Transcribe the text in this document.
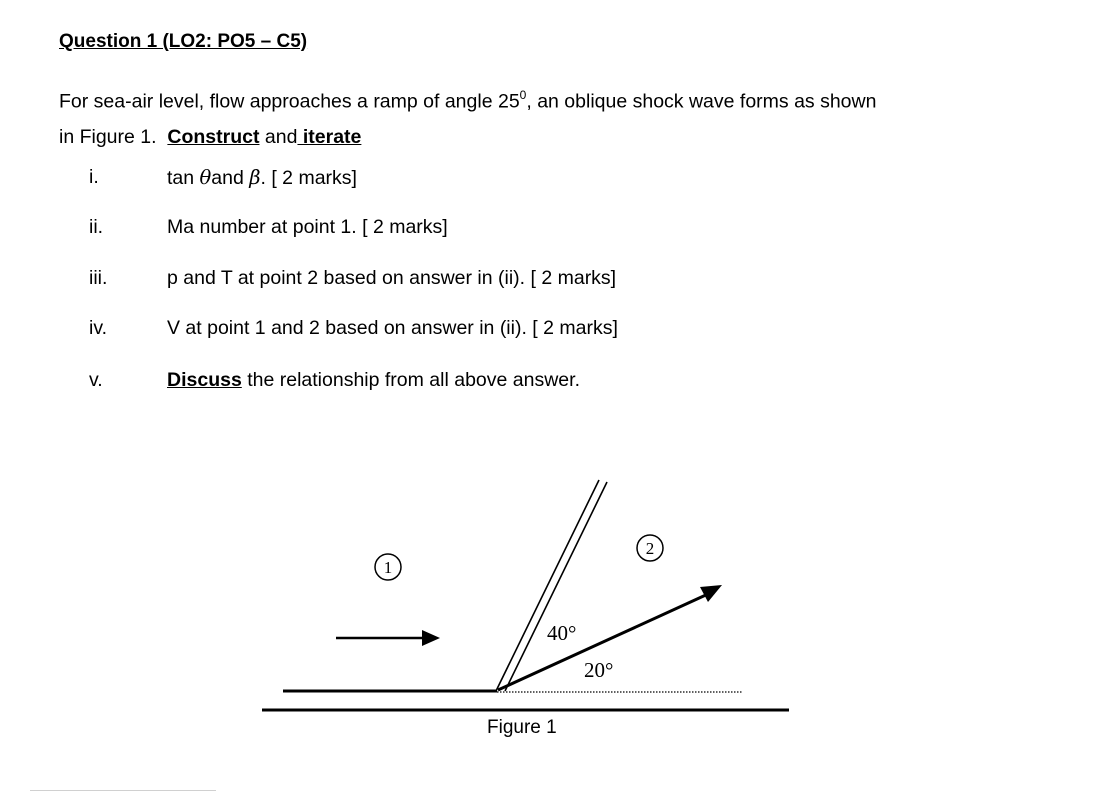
Question 1 (LO2: PO5 – C5)
For sea-air level, flow approaches a ramp of angle $25^0$, an oblique shock wave forms as shown
in Figure 1.  Construct and iterate
i.	tan θand β. [ 2 marks]
ii.	Ma number at point 1. [ 2 marks]
iii.	p and T at point 2 based on answer in (ii). [ 2 marks]
iv.	V at point 1 and 2 based on answer in (ii). [ 2 marks]
v.	Discuss the relationship from all above answer.
1
2
40°
20°
Figure 1
